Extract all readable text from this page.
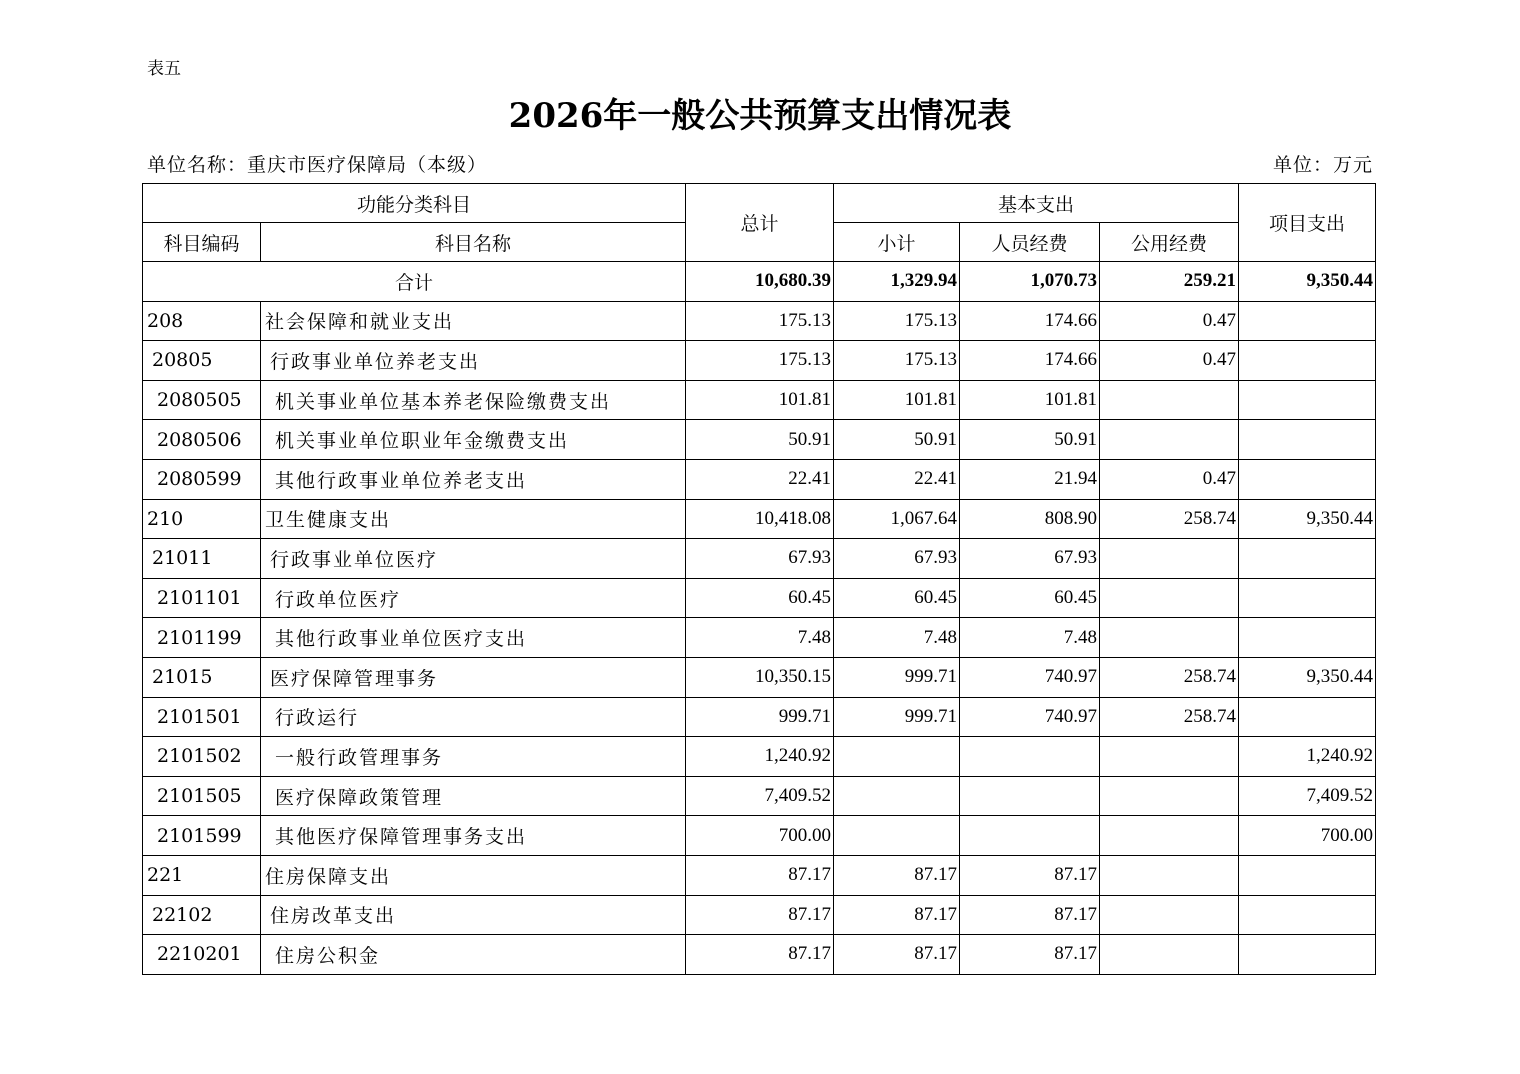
表五
2026年一般公共预算支出情况表
单位名称：重庆市医疗保障局（本级）	单位：万元
功能分类科目		总计	基本支出			项目支出
科目编码	科目名称		小计	人员经费	公用经费	
合计		10,680.39	1,329.94	1,070.73	259.21	9,350.44
208	社会保障和就业支出	175.13	175.13	174.66	0.47	
20805	行政事业单位养老支出	175.13	175.13	174.66	0.47	
2080505	机关事业单位基本养老保险缴费支出	101.81	101.81	101.81		
2080506	机关事业单位职业年金缴费支出	50.91	50.91	50.91		
2080599	其他行政事业单位养老支出	22.41	22.41	21.94	0.47	
210	卫生健康支出	10,418.08	1,067.64	808.90	258.74	9,350.44
21011	行政事业单位医疗	67.93	67.93	67.93		
2101101	行政单位医疗	60.45	60.45	60.45		
2101199	其他行政事业单位医疗支出	7.48	7.48	7.48		
21015	医疗保障管理事务	10,350.15	999.71	740.97	258.74	9,350.44
2101501	行政运行	999.71	999.71	740.97	258.74	
2101502	一般行政管理事务	1,240.92				1,240.92
2101505	医疗保障政策管理	7,409.52				7,409.52
2101599	其他医疗保障管理事务支出	700.00				700.00
221	住房保障支出	87.17	87.17	87.17		
22102	住房改革支出	87.17	87.17	87.17		
2210201	住房公积金	87.17	87.17	87.17		
